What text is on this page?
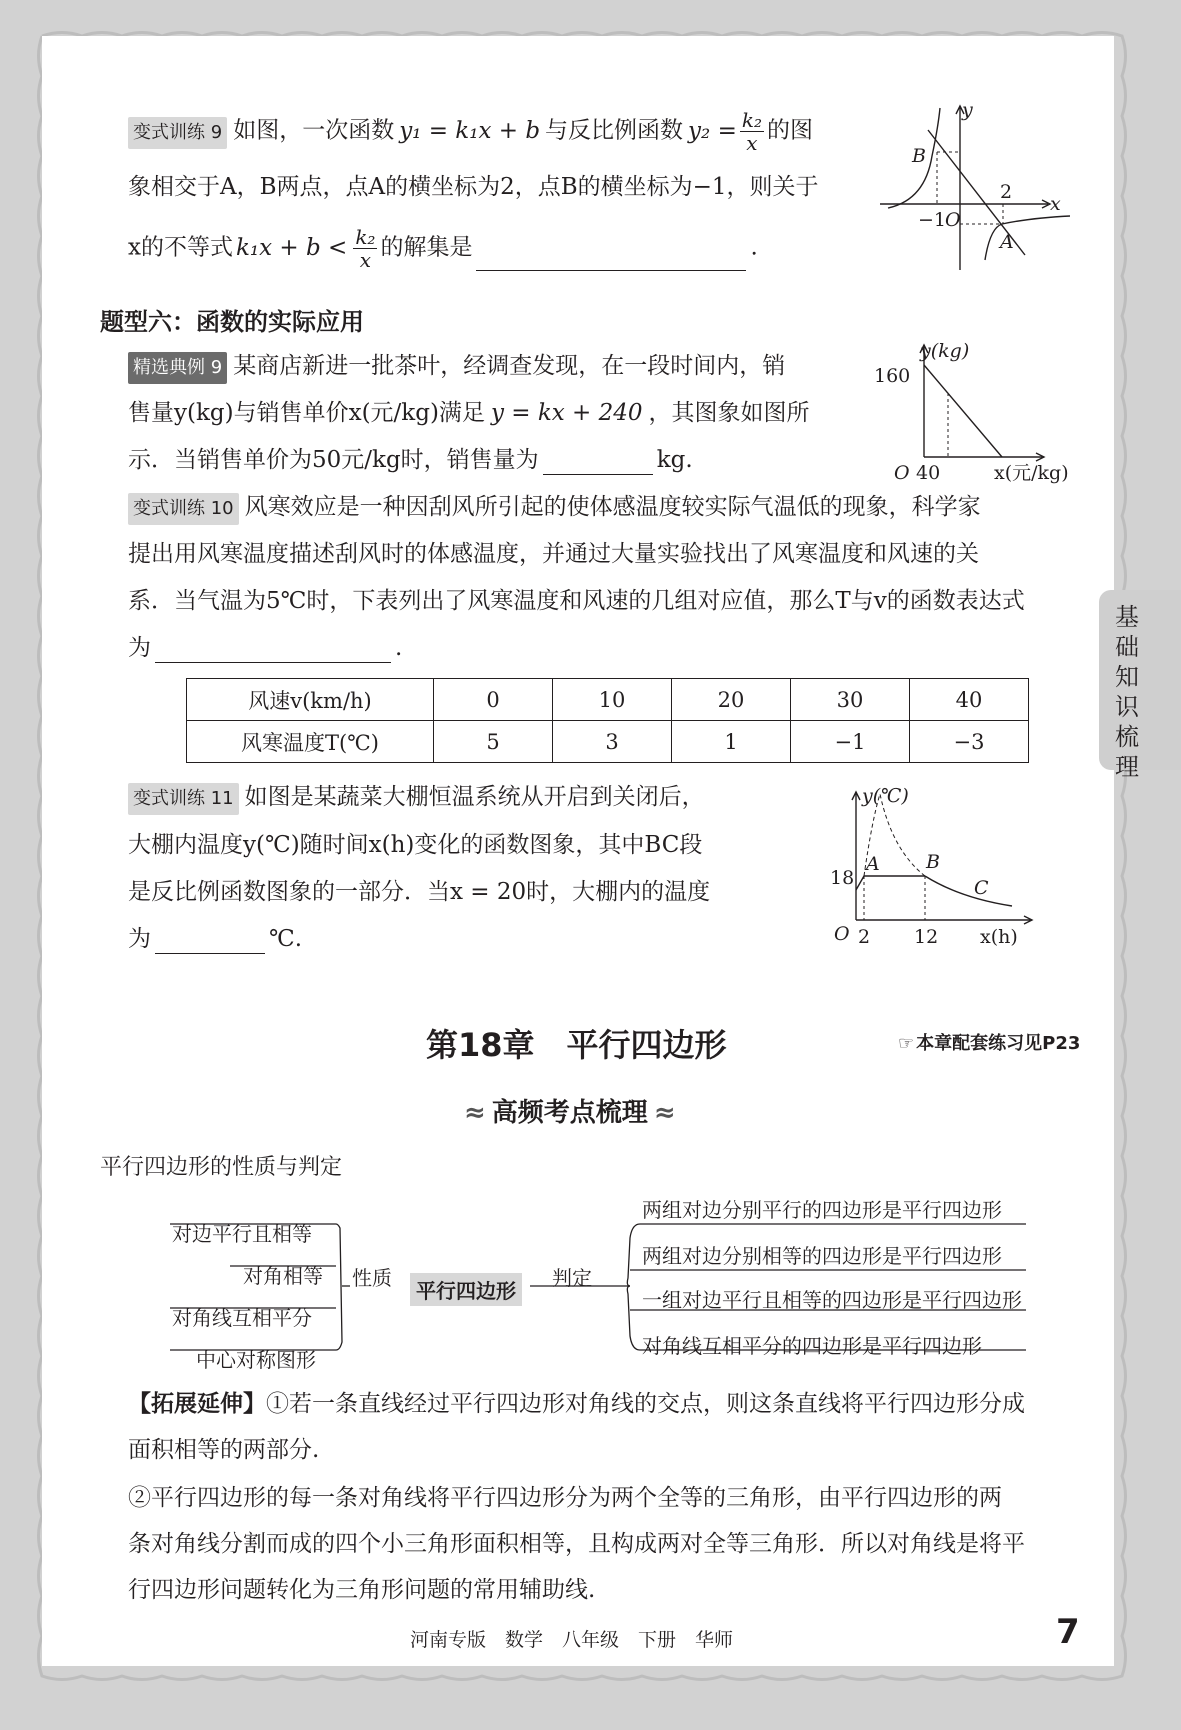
变式训练 9 如图，一次函数 y₁ = k₁x + b 与反比例函数 $y_2 = \frac{\text{k₂}}{x}$ 的图
象相交于A，B两点，点A的横坐标为2，点B的横坐标为−1，则关于
x的不等式 $k_1x + b < \frac{\text{k₂}}{x}$ 的解集是	.
y
x
B
A
2
−1
O
题型六：函数的实际应用
精选典例 9 某商店新进一批茶叶，经调查发现，在一段时间内，销
售量y(kg)与销售单价x(元/kg)满足 y = kx + 240 ，其图象如图所
示．当销售单价为50元/kg时，销售量为	kg.
y(kg)
160
O 40	x(元/kg)
变式训练 10 风寒效应是一种因刮风所引起的使体感温度较实际气温低的现象，科学家
提出用风寒温度描述刮风时的体感温度，并通过大量实验找出了风寒温度和风速的关
系．当气温为5℃时，下表列出了风寒温度和风速的几组对应值，那么T与v的函数表达式
为	.
风速v(km/h)	0	10	20	30	40
风寒温度T(℃)	5	3	1	−1	−3
变式训练 11 如图是某蔬菜大棚恒温系统从开启到关闭后，
大棚内温度y(℃)随时间x(h)变化的函数图象，其中BC段
是反比例函数图象的一部分．当x = 20时，大棚内的温度
为	℃.
y(℃)
A B
C
18
O 2 12 x(h)
基础知识梳理
第18章　平行四边形	☞ 本章配套练习见P23
≈ 高频考点梳理 ≈
平行四边形的性质与判定
对边平行且相等
对角相等
对角线互相平分
中心对称图形
性质
平行四边形
判定
两组对边分别平行的四边形是平行四边形
两组对边分别相等的四边形是平行四边形
一组对边平行且相等的四边形是平行四边形
对角线互相平分的四边形是平行四边形
【拓展延伸】①若一条直线经过平行四边形对角线的交点，则这条直线将平行四边形分成
面积相等的两部分.
②平行四边形的每一条对角线将平行四边形分为两个全等的三角形，由平行四边形的两
条对角线分割而成的四个小三角形面积相等，且构成两对全等三角形．所以对角线是将平
行四边形问题转化为三角形问题的常用辅助线.
河南专版　数学　八年级　下册　华师	7
